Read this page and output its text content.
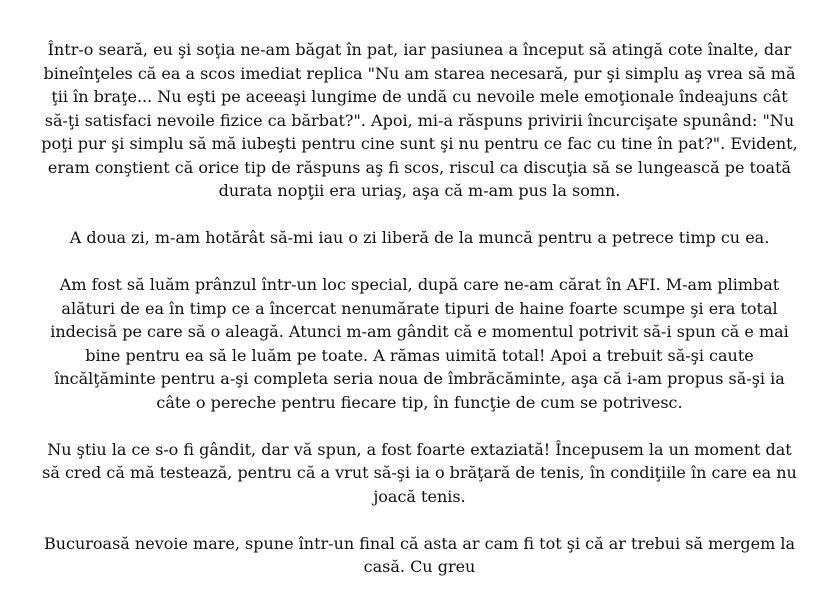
Într-o seară, eu şi soţia ne-am băgat în pat, iar pasiunea a început să atingă cote înalte, dar bineînţeles că ea a scos imediat replica "Nu am starea necesară, pur şi simplu aş vrea să mă ţii în braţe... Nu eşti pe aceeaşi lungime de undă cu nevoile mele emoţionale îndeajuns cât să-ţi satisfaci nevoile fizice ca bărbat?". Apoi, mi-a răspuns privirii încurcişate spunând: "Nu poţi pur şi simplu să mă iubeşti pentru cine sunt şi nu pentru ce fac cu tine în pat?". Evident, eram conştient că orice tip de răspuns aş fi scos, riscul ca discuţia să se lungească pe toată durata nopţii era uriaş, aşa că m-am pus la somn.

A doua zi, m-am hotărât să-mi iau o zi liberă de la muncă pentru a petrece timp cu ea.

Am fost să luăm prânzul într-un loc special, după care ne-am cărat în AFI. M-am plimbat alături de ea în timp ce a încercat nenumărate tipuri de haine foarte scumpe şi era total indecisă pe care să o aleagă. Atunci m-am gândit că e momentul potrivit să-i spun că e mai bine pentru ea să le luăm pe toate. A rămas uimită total! Apoi a trebuit să-şi caute încălţăminte pentru a-şi completa seria noua de îmbrăcăminte, aşa că i-am propus să-şi ia câte o pereche pentru fiecare tip, în funcţie de cum se potrivesc.

Nu ştiu la ce s-o fi gândit, dar vă spun, a fost foarte extaziată! Începusem la un moment dat să cred că mă testează, pentru că a vrut să-şi ia o brăţară de tenis, în condiţiile în care ea nu joacă tenis.

Bucuroasă nevoie mare, spune într-un final că asta ar cam fi tot şi că ar trebui să mergem la casă. Cu greu
